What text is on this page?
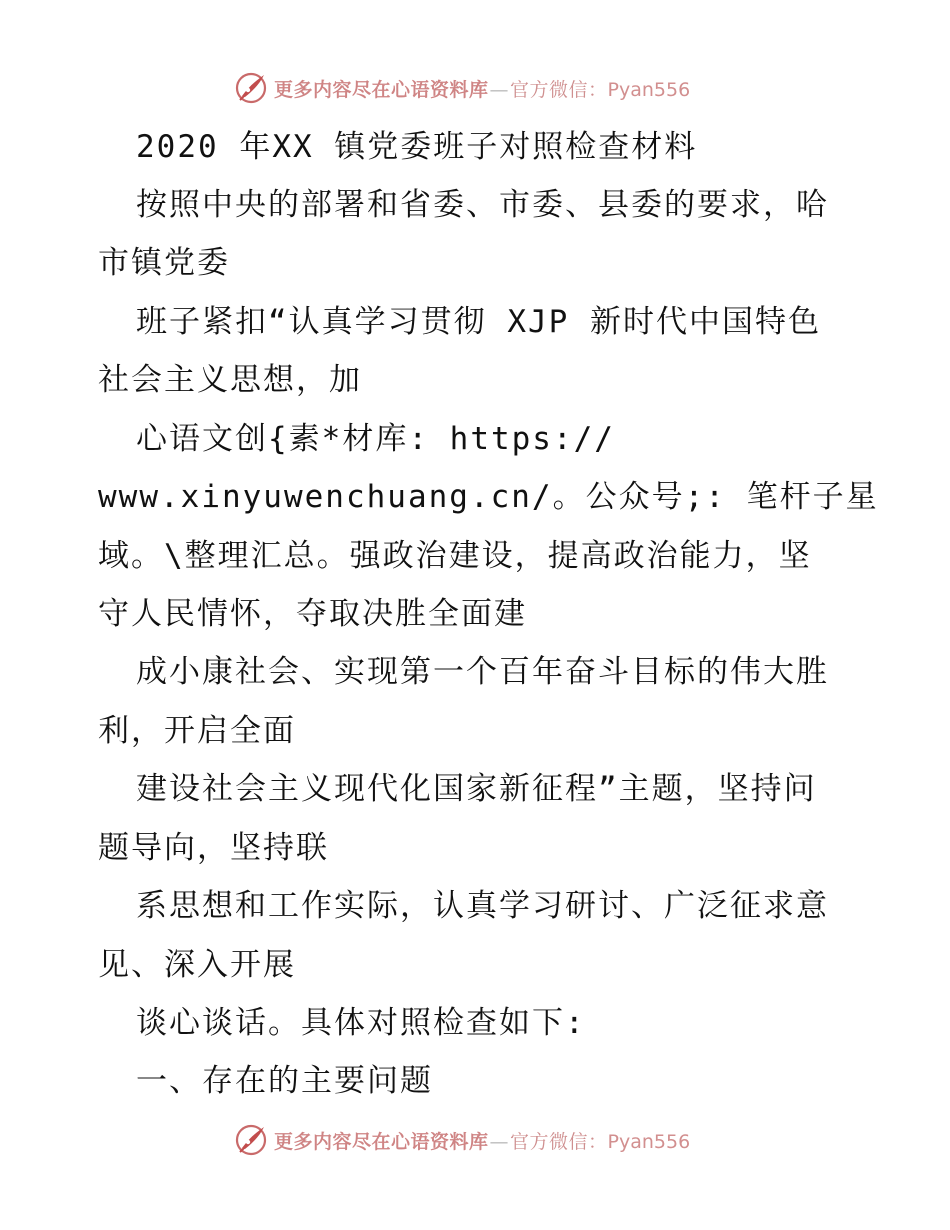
更多内容尽在心语资料库—官方微信：Pyan556

2020 年XX 镇党委班子对照检查材料

按照中央的部署和省委、市委、县委的要求，哈

市镇党委

班子紧扣“认真学习贯彻 XJP 新时代中国特色

社会主义思想，加

心语文创{素*材库: https://

www.xinyuwenchuang.cn/。公众号;: 笔杆子星

域。\整理汇总。强政治建设，提高政治能力，坚

守人民情怀，夺取决胜全面建

成小康社会、实现第一个百年奋斗目标的伟大胜

利，开启全面

建设社会主义现代化国家新征程”主题，坚持问

题导向，坚持联

系思想和工作实际，认真学习研讨、广泛征求意

见、深入开展

谈心谈话。具体对照检查如下:

一、存在的主要问题

更多内容尽在心语资料库—官方微信：Pyan556
